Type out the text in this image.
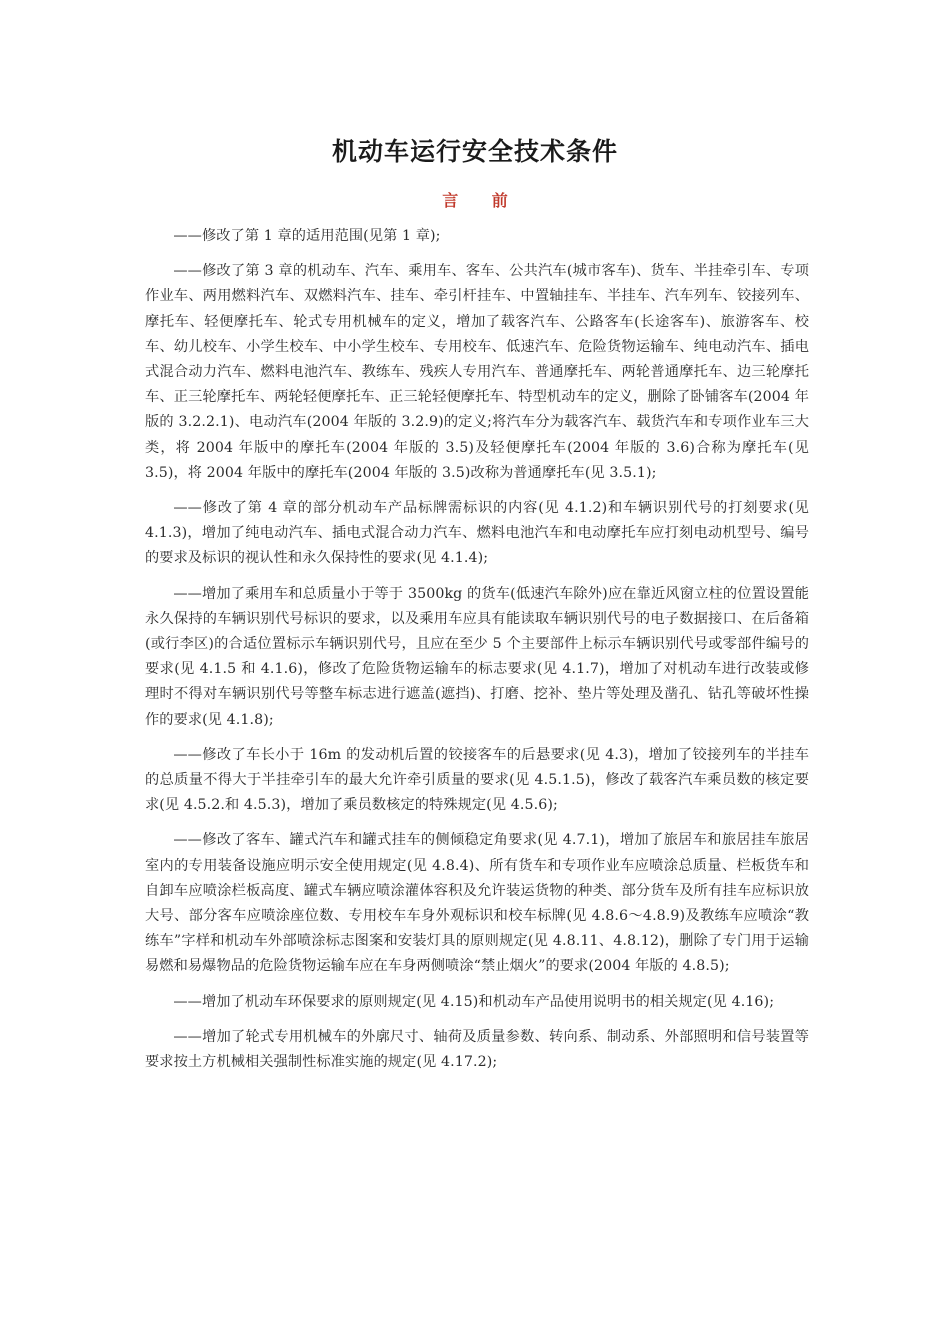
机动车运行安全技术条件
言 前

——修改了第 1 章的适用范围(见第 1 章);

——修改了第 3 章的机动车、汽车、乘用车、客车、公共汽车(城市客车)、货车、半挂牵引车、专项作业车、两用燃料汽车、双燃料汽车、挂车、牵引杆挂车、中置轴挂车、半挂车、汽车列车、铰接列车、摩托车、轻便摩托车、轮式专用机械车的定义，增加了载客汽车、公路客车(长途客车)、旅游客车、校车、幼儿校车、小学生校车、中小学生校车、专用校车、低速汽车、危险货物运输车、纯电动汽车、插电式混合动力汽车、燃料电池汽车、教练车、残疾人专用汽车、普通摩托车、两轮普通摩托车、边三轮摩托车、正三轮摩托车、两轮轻便摩托车、正三轮轻便摩托车、特型机动车的定义，删除了卧铺客车(2004 年版的 3.2.2.1)、电动汽车(2004 年版的 3.2.9)的定义;将汽车分为载客汽车、载货汽车和专项作业车三大类，将 2004 年版中的摩托车(2004 年版的 3.5)及轻便摩托车(2004 年版的 3.6)合称为摩托车(见 3.5)，将 2004 年版中的摩托车(2004 年版的 3.5)改称为普通摩托车(见 3.5.1);

——修改了第 4 章的部分机动车产品标牌需标识的内容(见 4.1.2)和车辆识别代号的打刻要求(见 4.1.3)，增加了纯电动汽车、插电式混合动力汽车、燃料电池汽车和电动摩托车应打刻电动机型号、编号的要求及标识的视认性和永久保持性的要求(见 4.1.4);

——增加了乘用车和总质量小于等于 3500kg 的货车(低速汽车除外)应在靠近风窗立柱的位置设置能永久保持的车辆识别代号标识的要求，以及乘用车应具有能读取车辆识别代号的电子数据接口、在后备箱(或行李区)的合适位置标示车辆识别代号，且应在至少 5 个主要部件上标示车辆识别代号或零部件编号的要求(见 4.1.5 和 4.1.6)，修改了危险货物运输车的标志要求(见 4.1.7)，增加了对机动车进行改装或修理时不得对车辆识别代号等整车标志进行遮盖(遮挡)、打磨、挖补、垫片等处理及凿孔、钻孔等破坏性操作的要求(见 4.1.8);

——修改了车长小于 16m 的发动机后置的铰接客车的后悬要求(见 4.3)，增加了铰接列车的半挂车的总质量不得大于半挂牵引车的最大允许牵引质量的要求(见 4.5.1.5)，修改了载客汽车乘员数的核定要求(见 4.5.2.和 4.5.3)，增加了乘员数核定的特殊规定(见 4.5.6);

——修改了客车、罐式汽车和罐式挂车的侧倾稳定角要求(见 4.7.1)，增加了旅居车和旅居挂车旅居室内的专用装备设施应明示安全使用规定(见 4.8.4)、所有货车和专项作业车应喷涂总质量、栏板货车和自卸车应喷涂栏板高度、罐式车辆应喷涂灌体容积及允许装运货物的种类、部分货车及所有挂车应标识放大号、部分客车应喷涂座位数、专用校车车身外观标识和校车标牌(见 4.8.6～4.8.9)及教练车应喷涂“教练车”字样和机动车外部喷涂标志图案和安装灯具的原则规定(见 4.8.11、4.8.12)，删除了专门用于运输易燃和易爆物品的危险货物运输车应在车身两侧喷涂“禁止烟火”的要求(2004 年版的 4.8.5);

——增加了机动车环保要求的原则规定(见 4.15)和机动车产品使用说明书的相关规定(见 4.16);

——增加了轮式专用机械车的外廓尺寸、轴荷及质量参数、转向系、制动系、外部照明和信号装置等要求按土方机械相关强制性标准实施的规定(见 4.17.2);
